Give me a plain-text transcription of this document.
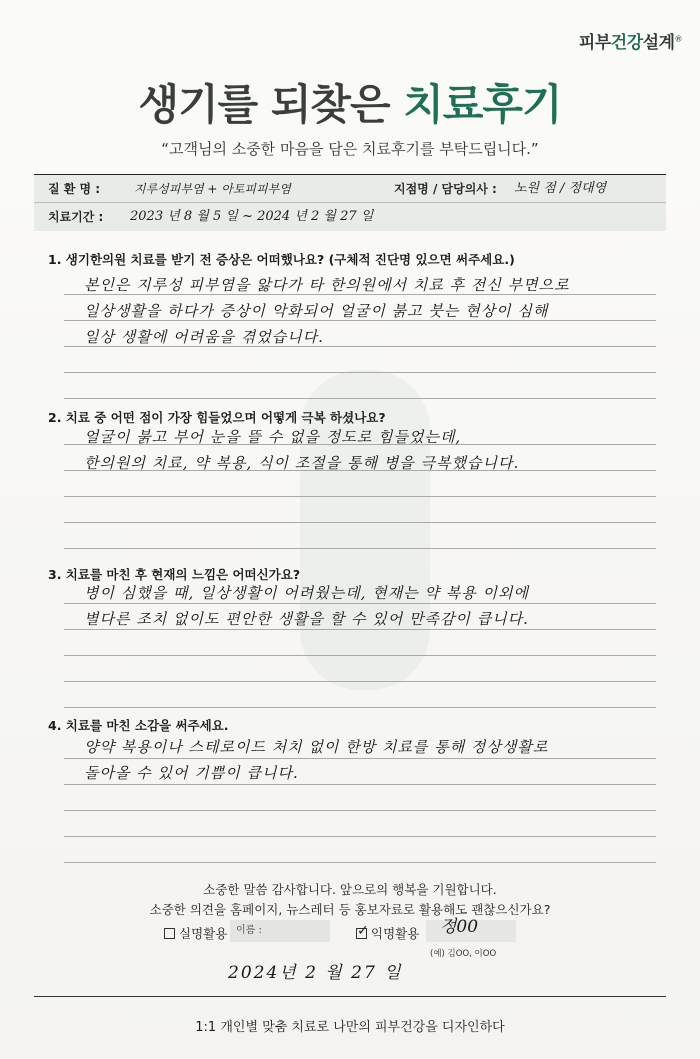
피부건강설계®
생기를 되찾은 치료후기
“고객님의 소중한 마음을 담은 치료후기를 부탁드립니다.”
질 환 명 :	지루성피부염 + 아토피피부염	지점명 / 담당의사 : 노원 점 / 정대영
치료기간 : 2023 년 8 월 5 일 ~ 2024 년 2 월 27 일
1. 생기한의원 치료를 받기 전 증상은 어떠했나요? (구체적 진단명 있으면 써주세요.)
본인은 지루성 피부염을 앓다가 타 한의원에서 치료 후 전신 부면으로
일상생활을 하다가 증상이 악화되어 얼굴이 붉고 붓는 현상이 심해
일상 생활에 어려움을 겪었습니다.
2. 치료 중 어떤 점이 가장 힘들었으며 어떻게 극복 하셨나요?
얼굴이 붉고 부어 눈을 뜰 수 없을 정도로 힘들었는데,
한의원의 치료, 약 복용, 식이 조절을 통해 병을 극복했습니다.
3. 치료를 마친 후 현재의 느낌은 어떠신가요?
병이 심했을 때, 일상생활이 어려웠는데, 현재는 약 복용 이외에
별다른 조치 없이도 편안한 생활을 할 수 있어 만족감이 큽니다.
4. 치료를 마친 소감을 써주세요.
양약 복용이나 스테로이드 처치 없이 한방 치료를 통해 정상생활로
돌아올 수 있어 기쁨이 큽니다.
소중한 말씀 감사합니다. 앞으로의 행복을 기원합니다.
소중한 의견을 홈페이지, 뉴스레터 등 홍보자료로 활용해도 괜찮으신가요?
실명활용 이름 :	✓ 익명활용 정00
(예) 김OO, 이OO
2024년 2 월 27 일
1:1 개인별 맞춤 치료로 나만의 피부건강을 디자인하다
